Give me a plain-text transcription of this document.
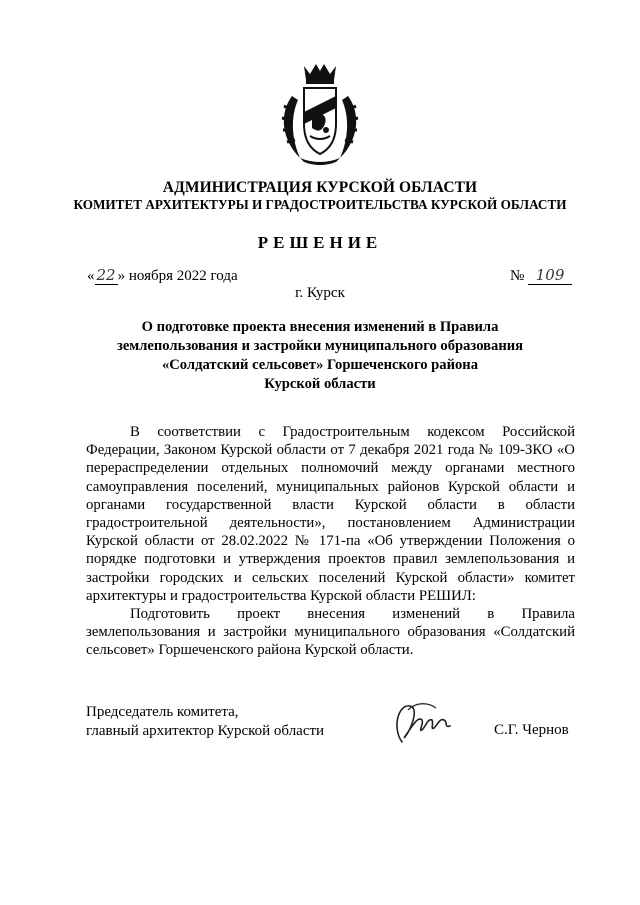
АДМИНИСТРАЦИЯ КУРСКОЙ ОБЛАСТИ
КОМИТЕТ АРХИТЕКТУРЫ И ГРАДОСТРОИТЕЛЬСТВА КУРСКОЙ ОБЛАСТИ
РЕШЕНИЕ
« 22 » ноября 2022 года	№ 109
г. Курск
О подготовке проекта внесения изменений в Правила
землепользования и застройки муниципального образования
«Солдатский сельсовет» Горшеченского района
Курской области

В соответствии с Градостроительным кодексом Российской Федерации, Законом Курской области от 7 декабря 2021 года № 109-ЗКО «О перераспределении отдельных полномочий между органами местного самоуправления поселений, муниципальных районов Курской области и органами государственной власти Курской области в области градостроительной деятельности», постановлением Администрации Курской области от 28.02.2022 № 171-па «Об утверждении Положения о порядке подготовки и утверждения проектов правил землепользования и застройки городских и сельских поселений Курской области» комитет архитектуры и градостроительства Курской области РЕШИЛ:

Подготовить проект внесения изменений в Правила землепользования и застройки муниципального образования «Солдатский сельсовет» Горшеченского района Курской области.

Председатель комитета,
главный архитектор Курской области	С.Г. Чернов
